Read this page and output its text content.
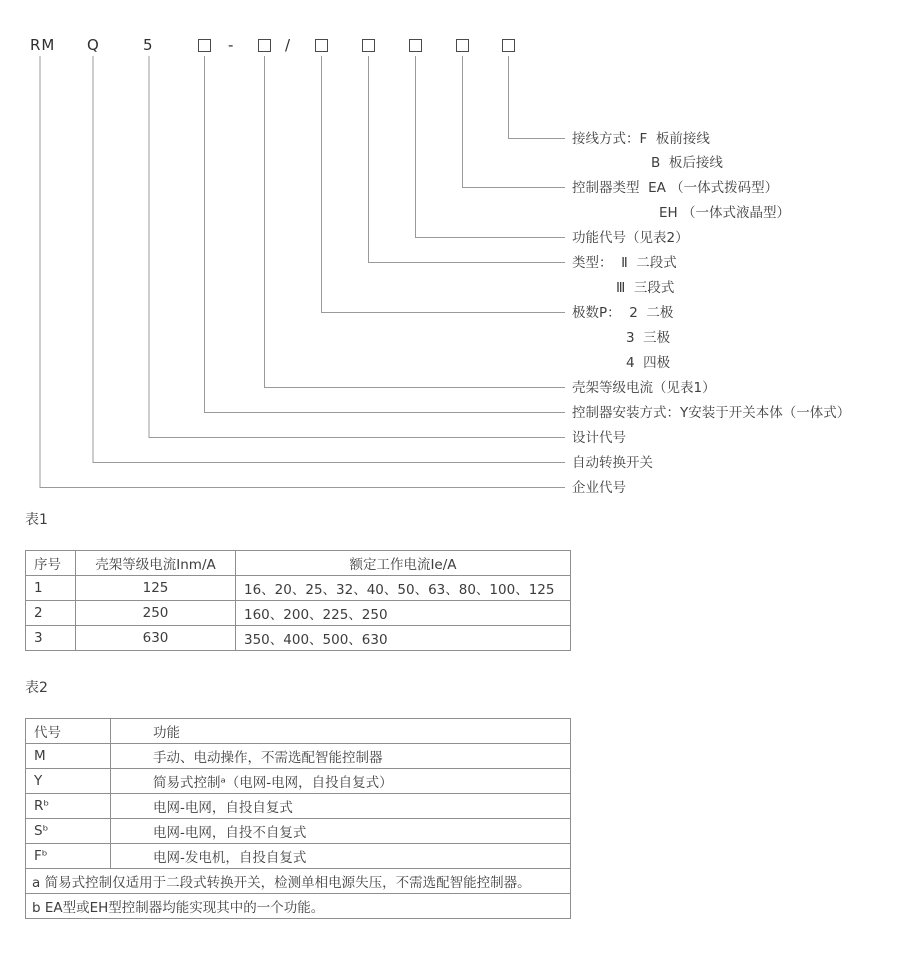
RM Q	5	-	/
接线方式：F  板前接线
B  板后接线
控制器类型  EA （一体式拨码型）
EH （一体式液晶型）
功能代号（见表2）
类型：  Ⅱ  二段式
Ⅲ  三段式
极数P：  2  二极
3  三极
4  四极
壳架等级电流（见表1）
控制器安装方式：Y安装于开关本体（一体式）
设计代号
自动转换开关
企业代号
表1
序号	壳架等级电流Inm/A	额定工作电流Ie/A
1	125	16、20、25、32、40、50、63、80、100、125
2	250	160、200、225、250
3	630	350、400、500、630
表2
代号	功能
M	手动、电动操作，不需选配智能控制器
Y	简易式控制ᵃ（电网-电网，自投自复式）
Rᵇ	电网-电网，自投自复式
Sᵇ	电网-电网，自投不自复式
Fᵇ	电网-发电机，自投自复式
a 简易式控制仅适用于二段式转换开关，检测单相电源失压，不需选配智能控制器。	
b EA型或EH型控制器均能实现其中的一个功能。	
